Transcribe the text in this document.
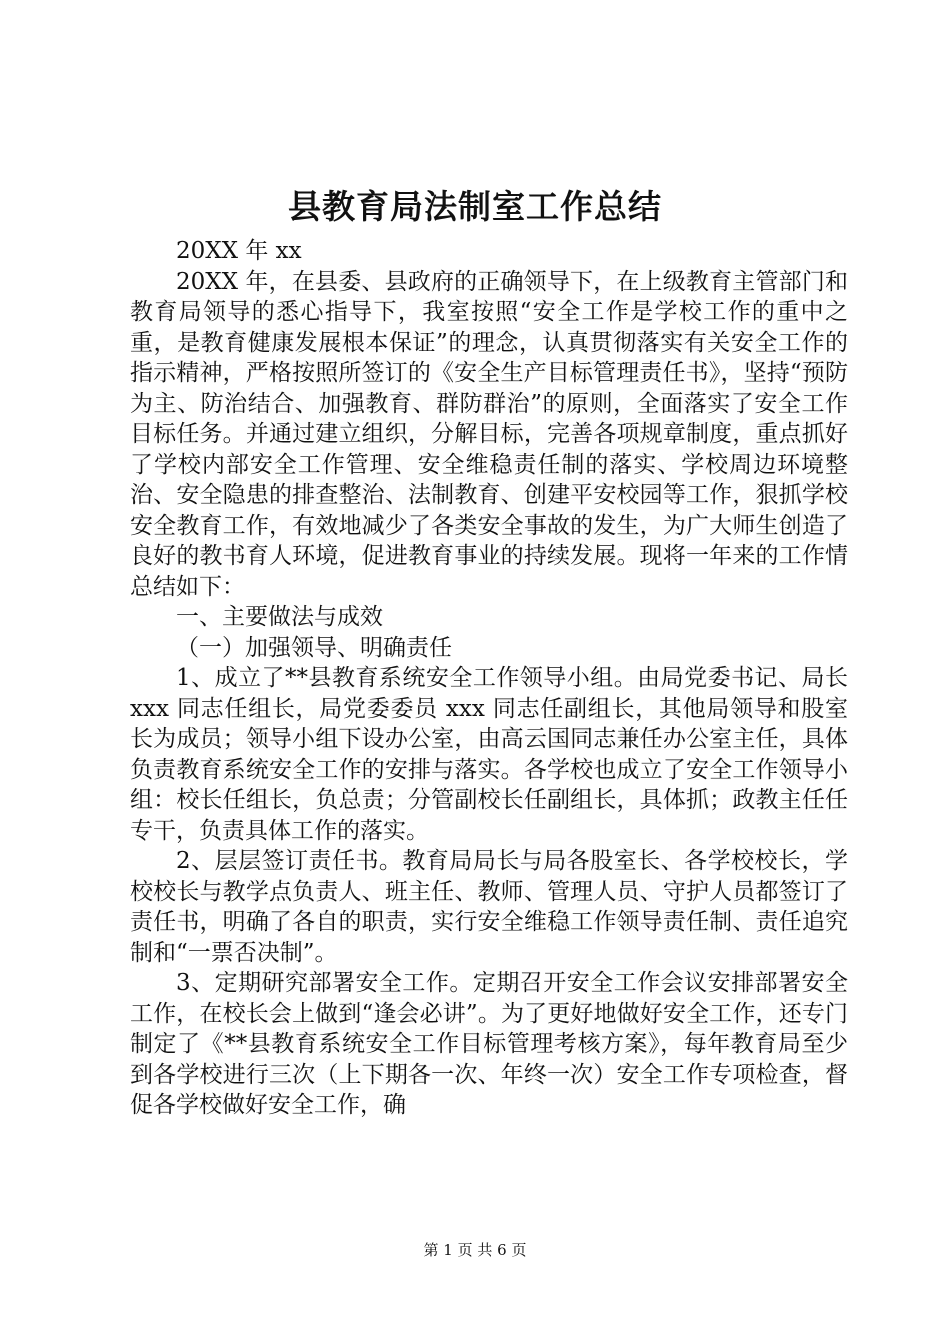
县教育局法制室工作总结

20XX 年 xx

20XX 年，在县委、县政府的正确领导下，在上级教育主管部门和教育局领导的悉心指导下，我室按照“安全工作是学校工作的重中之重，是教育健康发展根本保证”的理念，认真贯彻落实有关安全工作的指示精神，严格按照所签订的《安全生产目标管理责任书》，坚持“预防为主、防治结合、加强教育、群防群治”的原则，全面落实了安全工作目标任务。并通过建立组织，分解目标，完善各项规章制度，重点抓好了学校内部安全工作管理、安全维稳责任制的落实、学校周边环境整治、安全隐患的排查整治、法制教育、创建平安校园等工作，狠抓学校安全教育工作，有效地减少了各类安全事故的发生，为广大师生创造了良好的教书育人环境，促进教育事业的持续发展。现将一年来的工作情总结如下：

一、主要做法与成效

（一）加强领导、明确责任

1、成立了**县教育系统安全工作领导小组。由局党委书记、局长 xxx 同志任组长，局党委委员 xxx 同志任副组长，其他局领导和股室长为成员；领导小组下设办公室，由高云国同志兼任办公室主任，具体负责教育系统安全工作的安排与落实。各学校也成立了安全工作领导小组：校长任组长，负总责；分管副校长任副组长，具体抓；政教主任任专干，负责具体工作的落实。

2、层层签订责任书。教育局局长与局各股室长、各学校校长，学校校长与教学点负责人、班主任、教师、管理人员、守护人员都签订了责任书，明确了各自的职责，实行安全维稳工作领导责任制、责任追究制和“一票否决制”。

3、定期研究部署安全工作。定期召开安全工作会议安排部署安全工作，在校长会上做到“逢会必讲”。为了更好地做好安全工作，还专门制定了《**县教育系统安全工作目标管理考核方案》，每年教育局至少到各学校进行三次（上下期各一次、年终一次）安全工作专项检查，督促各学校做好安全工作，确

第 1 页 共 6 页
